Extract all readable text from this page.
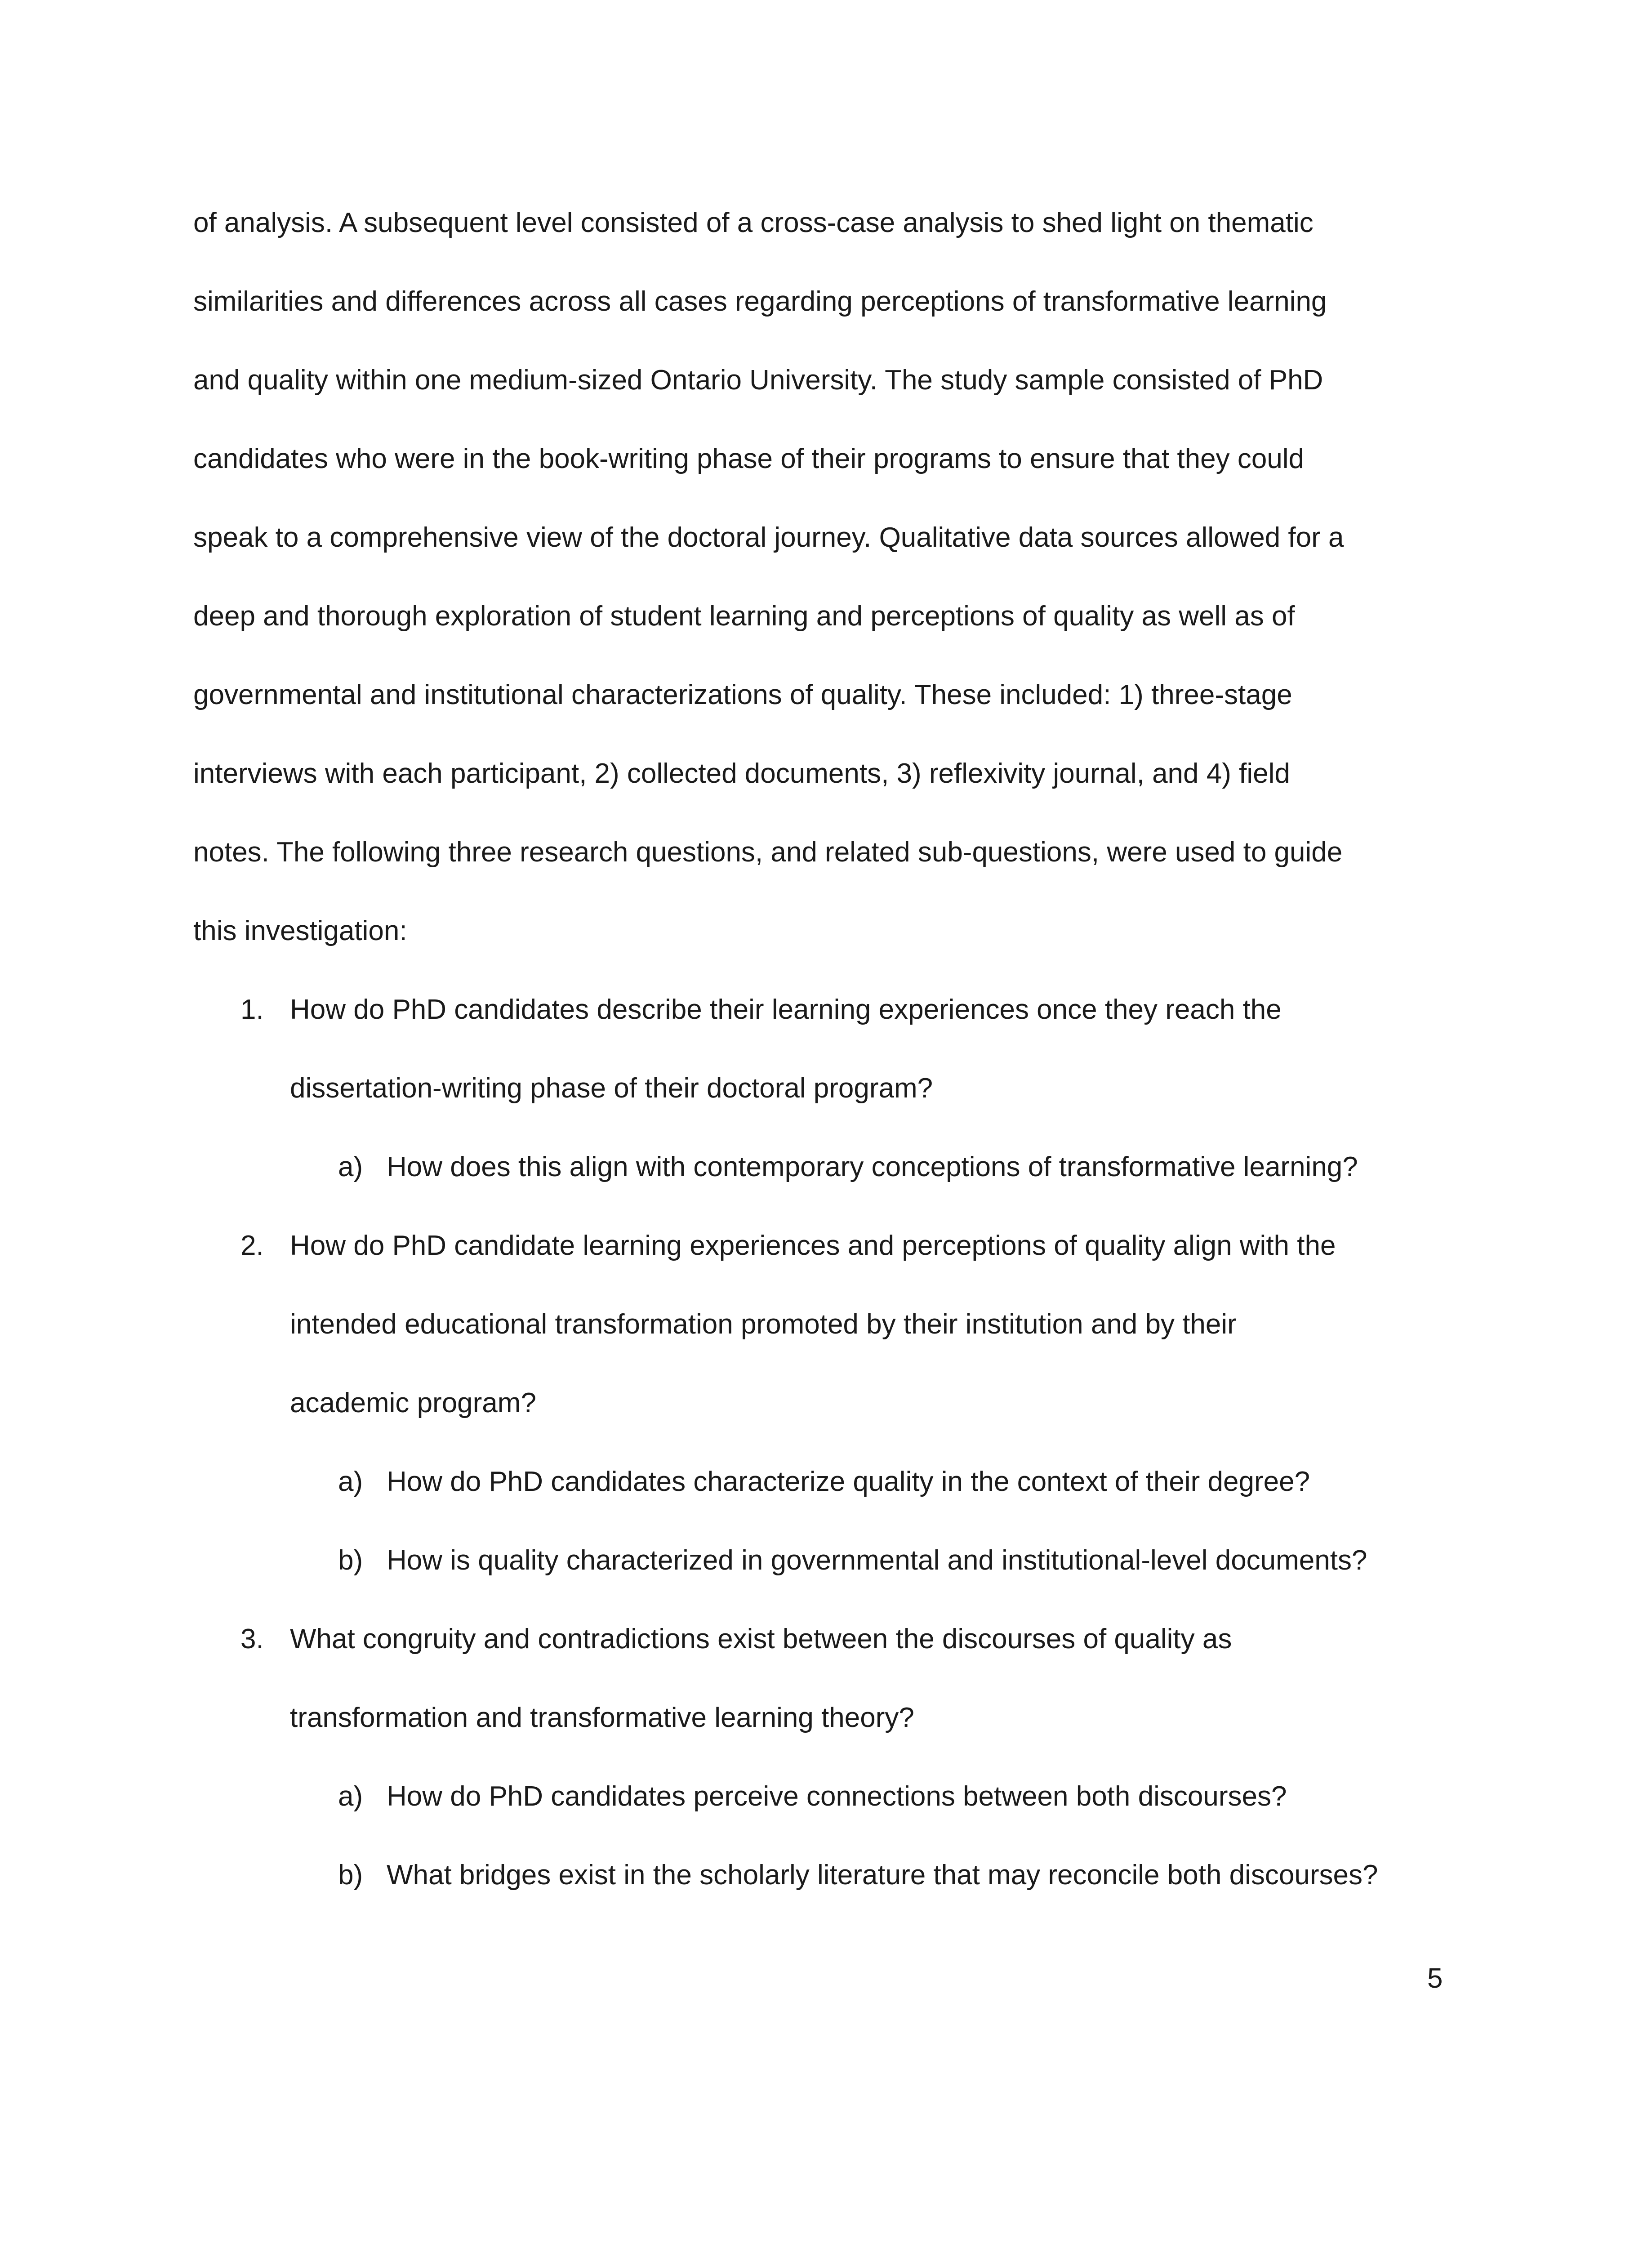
of analysis. A subsequent level consisted of a cross-case analysis to shed light on thematic

similarities and differences across all cases regarding perceptions of transformative learning

and quality within one medium-sized Ontario University. The study sample consisted of PhD

candidates who were in the book-writing phase of their programs to ensure that they could

speak to a comprehensive view of the doctoral journey. Qualitative data sources allowed for a

deep and thorough exploration of student learning and perceptions of quality as well as of

governmental and institutional characterizations of quality. These included: 1) three-stage

interviews with each participant, 2) collected documents, 3) reflexivity journal, and 4) field

notes. The following three research questions, and related sub-questions, were used to guide

this investigation:

1. How do PhD candidates describe their learning experiences once they reach the

dissertation-writing phase of their doctoral program?

a) How does this align with contemporary conceptions of transformative learning?

2. How do PhD candidate learning experiences and perceptions of quality align with the

intended educational transformation promoted by their institution and by their

academic program?

a) How do PhD candidates characterize quality in the context of their degree?

b) How is quality characterized in governmental and institutional-level documents?

3. What congruity and contradictions exist between the discourses of quality as

transformation and transformative learning theory?

a) How do PhD candidates perceive connections between both discourses?

b) What bridges exist in the scholarly literature that may reconcile both discourses?

5
